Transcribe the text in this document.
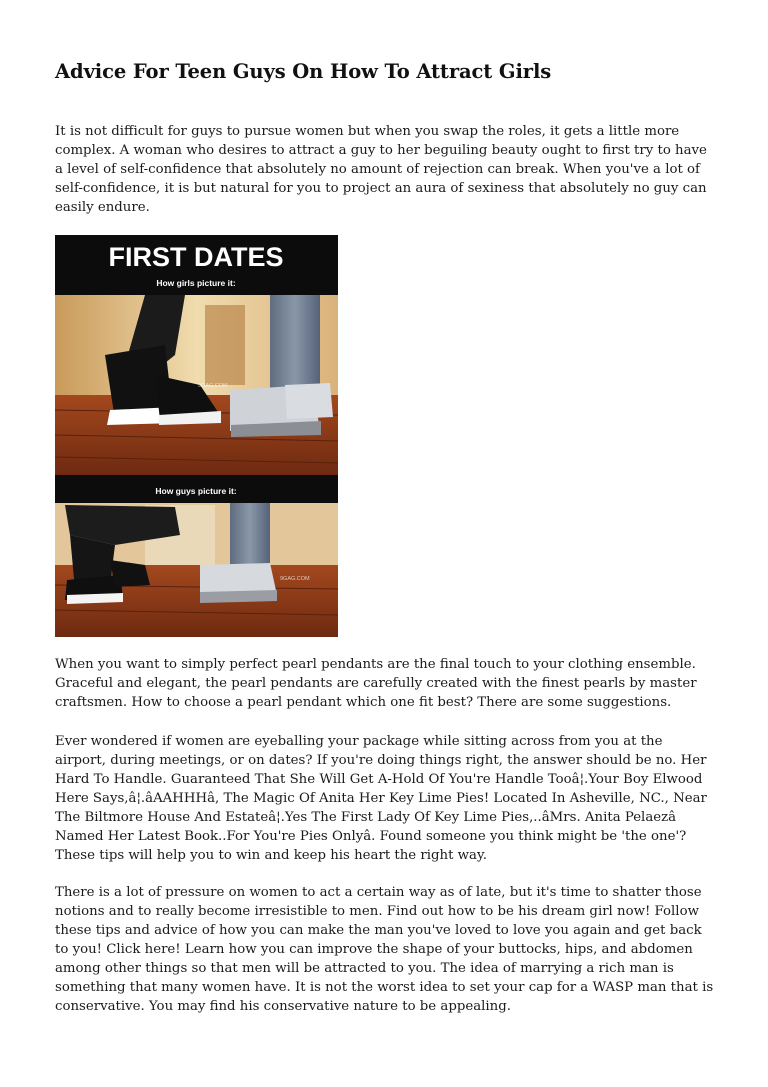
Advice For Teen Guys On How To Attract Girls

It is not difficult for guys to pursue women but when you swap the roles, it gets a little more complex. A woman who desires to attract a guy to her beguiling beauty ought to first try to have a level of self-confidence that absolutely no amount of rejection can break. When you've a lot of self-confidence, it is but natural for you to project an aura of sexiness that absolutely no guy can easily endure.

FIRST DATES
How girls picture it:
9GAG.COM
How guys picture it:
9GAG.COM

When you want to simply perfect pearl pendants are the final touch to your clothing ensemble. Graceful and elegant, the pearl pendants are carefully created with the finest pearls by master craftsmen. How to choose a pearl pendant which one fit best? There are some suggestions.

Ever wondered if women are eyeballing your package while sitting across from you at the airport, during meetings, or on dates? If you're doing things right, the answer should be no. Her Hard To Handle. Guaranteed That She Will Get A-Hold Of You're Handle Tooâ¦.Your Boy Elwood Here Says,â¦.âAAHHHâ, The Magic Of Anita Her Key Lime Pies! Located In Asheville, NC., Near The Biltmore House And Estateâ¦.Yes The First Lady Of Key Lime Pies,..âMrs. Anita Pelaezâ Named Her Latest Book..For You're Pies Onlyâ. Found someone you think might be 'the one'? These tips will help you to win and keep his heart the right way.

There is a lot of pressure on women to act a certain way as of late, but it's time to shatter those notions and to really become irresistible to men. Find out how to be his dream girl now! Follow these tips and advice of how you can make the man you've loved to love you again and get back to you! Click here! Learn how you can improve the shape of your buttocks, hips, and abdomen among other things so that men will be attracted to you. The idea of marrying a rich man is something that many women have. It is not the worst idea to set your cap for a WASP man that is conservative. You may find his conservative nature to be appealing.
